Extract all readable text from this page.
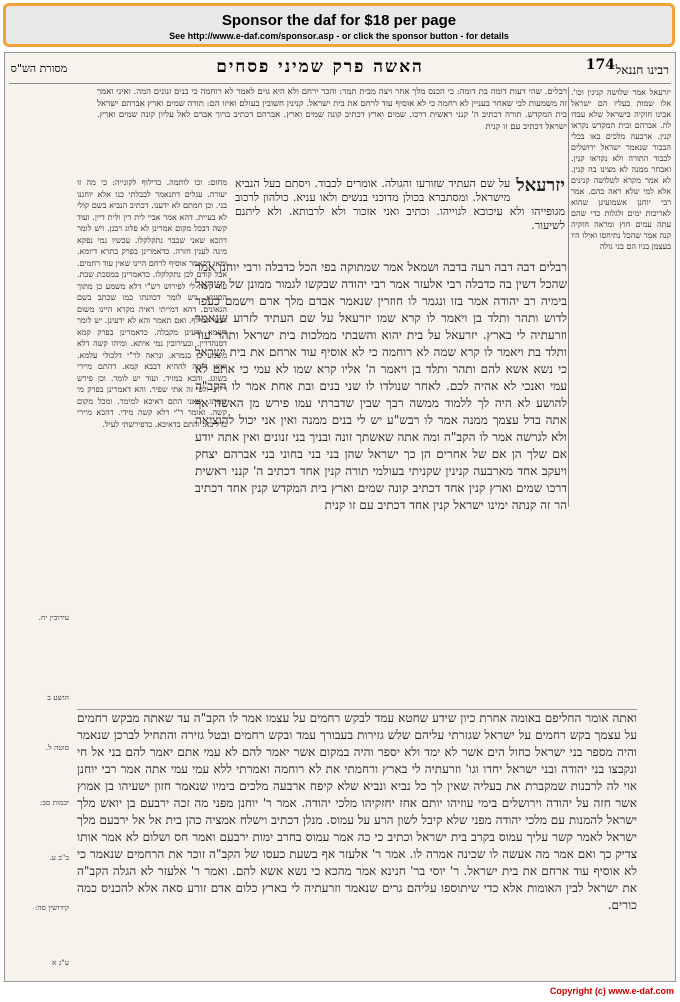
Sponsor the daf for $18 per page
See http://www.e-daf.com/sponsor.asp - or click the sponsor button - for details
174 רבינו חננאל
האשה פרק שמיני פסחים
מסורת הש"ס
יזרעאל אמר שלושה קנינין וכו'. אלו שמות בעליו הם ישראל אבינו חזקיה בישראל שלא עבדו לה. אברהם ובית המקדש נקראו קנין. ארבעה מלכים באו בכלי הבכור שנאמר ישראל ירושלים לכבוד התורה ולא נקראו קנין. ואבחר ממנה לא מצינו בה קנין. לא אמר מקרא לשלושה קנינים אלא למי שלא ראה בהם. אמר רבי יוחנן אשמועינן שהוא לאריכות ימים ולגלות כדי שהם עתה עמים חוץ ומראה חזקיה קנה אמר שהכל נתיחסו ואילו היו בעצמן בניו הם בני גולה
רבלים. שהי דעות דומה בת דומה: כי הכנס מלך אחר ויצה מבית תמר: והכר ירחם ולא היא גוים לאמר לא רוחמה כי בנים זנונים המה. ואיני ואמר זה משמעות לבי שאחר בעניין לא רחמה כי לא אוסיף עוד לרחם את בית ישראל. קנינין חשובין בעולם ואיזו הם: תורה שמים וארץ אברהם ישראל בית המקדש. תורה דכתיב ה' קנני ראשית דרכו. שמים וארץ דכתיב קונה שמים וארץ. אברהם דכתיב ברוך אברם לאל עליון קונה שמים וארץ. ישראל דכתיב עם זו קנית
יזרעאל
על שם העתיד שזורעו והגולה. אומרים לכבוד. ויסתם בעל הנביא מישראל. ומסתברא בכולן מדוכני בנשים ולאו עניא. כולהון לרכוב מגופייהו ולא עיכובא לגוייהו. וכתיב ואני אזכור ולא לרבותא. ולא ליתנם לשיעור.
מחזם: וכו לותמה. כדילוף לקונייה: כי מה זו יעזרה. עגלים דתנאמר לכבלתי כנו אלא יוחננו בני. וכן חמתם לא ידענו. דכתיב הנביא בשם קולי לא בעיית. דהא אמר אביי לית דין ולית דיין. ועוד קשה דבכל מקום אמרינן לא פלוג רבנן. ויש לומר דהכא שאני שכבר נתקלקלו. עכשיו נמי נפקא מינה לענין חזרה. כדאמרינן בפרק בתרא דיומא. ומאי דקאמר אוסיף לרחם היינו שאין עוד רחמים. אבל קודם לכן נתקלקלו. כדאמרינן במסכת שבת. עוד קשה לי לפירוש רש"י דלא משמע כן מתוך הסוגיא. ויש לומר דכוונתו כמו שכתב בשם הגאונים. דהא דמייתי ראיה מקרא היינו משום דבעי למילף. ואם תאמר והא לא ידעינן. יש לומר דשמא ידעינן מקבלה. כדאמרינן בפרק קמא דסנהדרין. ובעירובין נמי איתא. ומיהו קשה דלא משמע כן בגמרא. ונראה לר"י דלכולי עלמא. ואינו דומה לההיא דבבא קמא. דהתם מיירי בשוגג. והכא במזיד. ועוד יש לומר. וכן פירש ר"ת. ולפי זה אתי שפיר. והא דאמרינן בפרק מי שמתו. שאני התם דאיכא למימר. ומכל מקום קשה. ואומר ר"י דלא קשה מידי. דהכא מיירי בדליכא. והתם בדאיכא. כדפירשתי לעיל.
רבלים דבה דבה רעה בדבה ושמאל אמר שמתוקה בפי הכל כדבלה ורבי יוחנן אמר שהכל דשין בה כדבלה רבי אלעזר אמר רבי יהודה שבקשו לגמור ממונן של ישראל בימיה רב יהודה אמר בזו ונגמר לו חוזרין שנאמר אבדם מלך ארם וישמם כעפר לדוש ותהר ותלד בן ויאמר לו קרא שמו יזרעאל על שם העתיד לזרוע שנאמר וזרעתיה לי בארץ. יזרעאל על בית יהוא והשבתי ממלכות בית ישראל ותהר עוד ותלד בת ויאמר לו קרא שמה לא רוחמה כי לא אוסיף עוד ארחם את בית ישראל כי נשא אשא להם ותהר ותלד בן ויאמר ה' אליו קרא שמו לא עמי כי אתם לא עמי ואנכי לא אהיה לכם. לאחר שנולדו לו שני בנים ובת אחת אמר לו הקב"ה להושע לא היה לך ללמוד ממשה רבך שבין שדברתי עמו פירש מן האשה אף אתה בדל עצמך ממנה אמר לו רבש"ע יש לי בנים ממנה ואין אני יכול להוציאה ולא לגרשה אמר לו הקב"ה ומה אתה שאשתך זונה ובניך בני זנונים ואין אתה יודע אם שלך הן אם של אחרים הן כך ישראל שהן בני בני בחוני בני אברהם יצחק ויעקב אחד מארבעה קנינין שקניתי בעולמי תורה קנין אחד דכתיב ה' קנני ראשית דרכו שמים וארץ קנין אחד דכתיב קונה שמים וארץ בית המקדש קנין אחד דכתיב הר זה קנתה ימינו ישראל קנין אחד דכתיב עם זו קנית
ואתה אומר החליפם באומה אחרת כיון שידע שחטא עמד לבקש רחמים על עצמו אמר לו הקב"ה עד שאתה מבקש רחמים על עצמך בקש רחמים על ישראל שגזרתי עליהם שלש גזירות בעבורך עמד ובקש רחמים ובטל גזירה והתחיל לברכן שנאמר והיה מספר בני ישראל כחול הים אשר לא ימד ולא יספר והיה במקום אשר יאמר להם לא עמי אתם יאמר להם בני אל חי ונקבצו בני יהודה ובני ישראל יחדו וגו' וזרעתיה לי בארץ ורחמתי את לא רוחמה ואמרתי ללא עמי עמי אתה אמר רבי יוחנן אוי לה לרבנות שמקברת את בעליה שאין לך כל נביא ונביא שלא קיפח ארבעה מלכים בימיו שנאמר חזון ישעיהו בן אמוץ אשר חזה על יהודה וירושלים בימי עוזיהו יותם אחז יחזקיהו מלכי יהודה. אמר ר' יוחנן מפני מה זכה ירבעם בן יואש מלך ישראל להמנות עם מלכי יהודה מפני שלא קיבל לשון הרע על עמוס. מנלן דכתיב וישלח אמציה כהן בית אל אל ירבעם מלך ישראל לאמר קשר עליך עמוס בקרב בית ישראל וכתיב כי כה אמר עמוס בחרב ימות ירבעם ואמר חס ושלום לא אמר אותו צדיק כך ואם אמר מה אעשה לו שכינה אמרה לו. אמר ר' אלעזר אף בשעת כעסו של הקב"ה זוכר את הרחמים שנאמר כי לא אוסיף עוד ארחם את בית ישראל. ר' יוסי בר' חנינא אמר מהכא כי נשא אשא להם. ואמר ר' אלעזר לא הגלה הקב"ה את ישראל לבין האומות אלא כדי שיתוספו עליהם גרים שנאמר וזרעתיה לי בארץ כלום אדם זורע סאה אלא להכניס כמה כורים.
עירובין יח.
הושע ב
סוטה ל.
יבמות סב:
ב"ב ע.
קידושין סה:
ע"ג א
Copyright (c) www.e-daf.com
